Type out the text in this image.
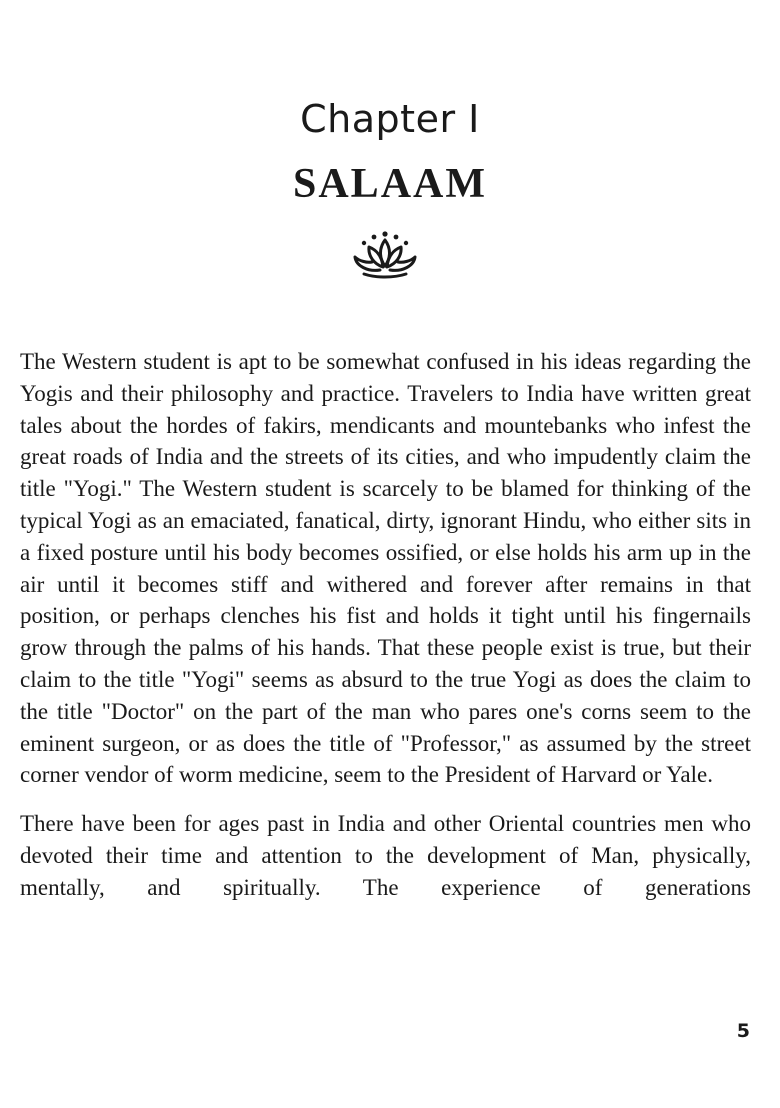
Chapter I
SALAAM

The Western student is apt to be somewhat confused in his ideas regarding the Yogis and their philosophy and practice. Travelers to India have written great tales about the hordes of fakirs, mendicants and mountebanks who infest the great roads of India and the streets of its cities, and who impudently claim the title "Yogi." The Western student is scarcely to be blamed for thinking of the typical Yogi as an emaciated, fanatical, dirty, ignorant Hindu, who either sits in a fixed posture until his body becomes ossified, or else holds his arm up in the air until it becomes stiff and withered and forever after remains in that position, or perhaps clenches his fist and holds it tight until his fingernails grow through the palms of his hands. That these people exist is true, but their claim to the title "Yogi" seems as absurd to the true Yogi as does the claim to the title "Doctor" on the part of the man who pares one's corns seem to the eminent surgeon, or as does the title of "Professor," as assumed by the street corner vendor of worm medicine, seem to the President of Harvard or Yale.

There have been for ages past in India and other Oriental countries men who devoted their time and attention to the development of Man, physically, mentally, and spiritually. The experience of generations

5
